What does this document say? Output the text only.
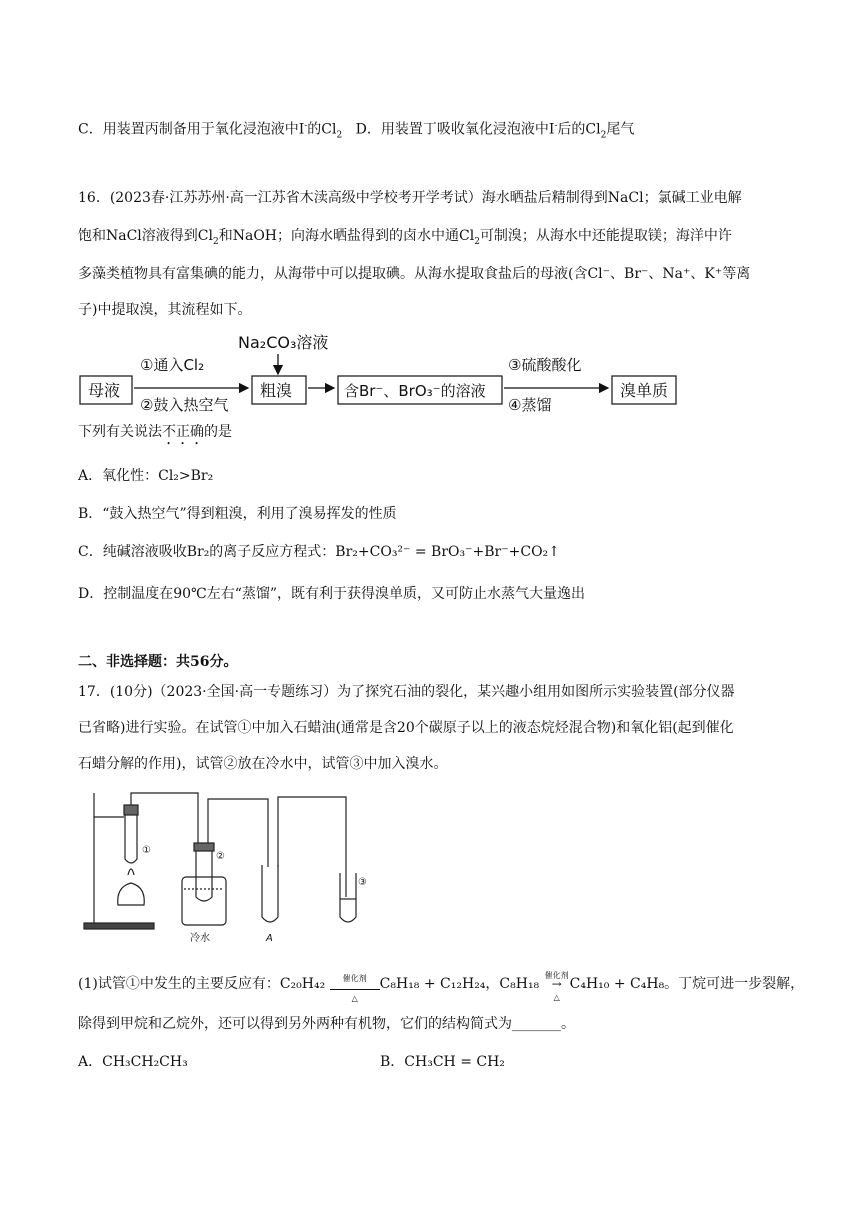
C．用装置丙制备用于氧化浸泡液中I-的$Cl_2$ D．用装置丁吸收氧化浸泡液中I-后的$Cl_2$尾气
16．(2023春·江苏苏州·高一江苏省木渎高级中学校考开学考试）海水晒盐后精制得到NaCl；氯碱工业电解
饱和NaCl溶液得到$Cl_2$和NaOH；向海水晒盐得到的卤水中通$Cl_2$可制溴；从海水中还能提取镁；海洋中许
多藻类植物具有富集碘的能力，从海带中可以提取碘。从海水提取食盐后的母液(含Cl⁻、Br⁻、Na⁺、K⁺等离
子)中提取溴，其流程如下。
Na₂CO₃溶液
母液
①通入Cl₂
②鼓入热空气
粗溴	含Br⁻、BrO₃⁻的溶液
③硫酸酸化
④蒸馏
溴单质
下列有关说法不正确的是
A．氧化性：Cl₂>Br₂
B．“鼓入热空气”得到粗溴，利用了溴易挥发的性质
C．纯碱溶液吸收Br₂的离子反应方程式：Br₂+CO₃²⁻ = BrO₃⁻+Br⁻+CO₂↑
D．控制温度在90℃左右“蒸馏”，既有利于获得溴单质，又可防止水蒸气大量逸出
二、非选择题：共56分。
17．(10分)（2023·全国·高一专题练习）为了探究石油的裂化，某兴趣小组用如图所示实验装置(部分仪器
已省略)进行实验。在试管①中加入石蜡油(通常是含20个碳原子以上的液态烷烃混合物)和氧化铝(起到催化
石蜡分解的作用)，试管②放在冷水中，试管③中加入溴水。
①
②
③
冷水	A
(1)试管①中发生的主要反应有：C₂₀H₄₂	催化剂
△
C₈H₁₈ + C₁₂H₂₄，C₈H₁₈
催化剂
→
△
C₄H₁₀ + C₄H₈。丁烷可进一步裂解，
除得到甲烷和乙烷外，还可以得到另外两种有机物，它们的结构简式为_______。
A．CH₃CH₂CH₃	B．CH₃CH = CH₂
